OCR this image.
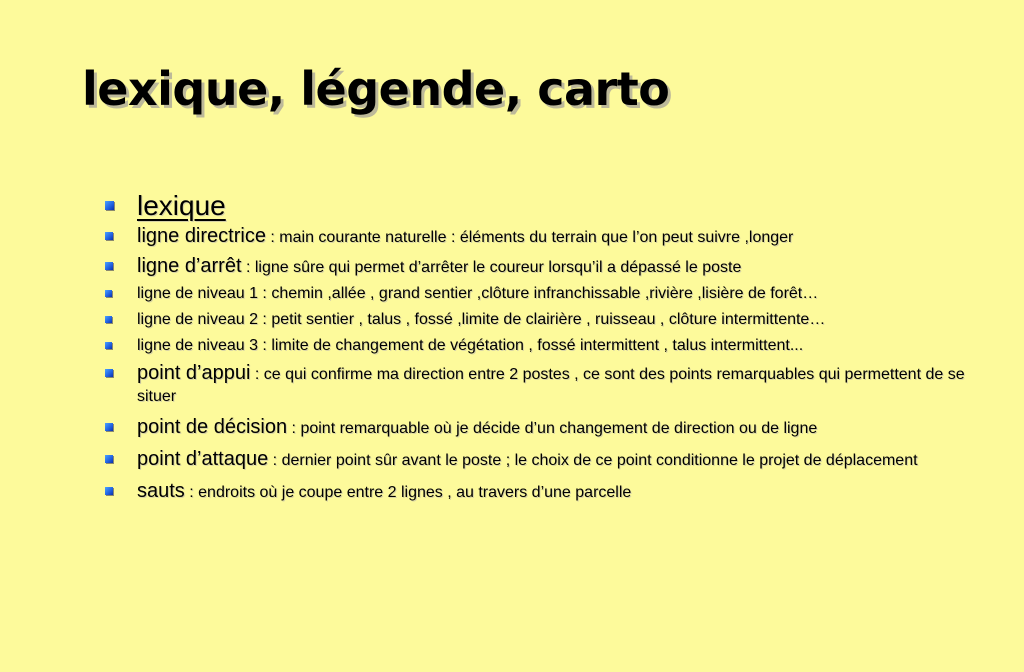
lexique, légende, carto
lexique
ligne directrice : main courante naturelle : éléments du terrain que l’on peut suivre ,longer
ligne d’arrêt : ligne sûre qui permet d’arrêter le coureur lorsqu’il a dépassé le poste
ligne de niveau 1 : chemin ,allée , grand sentier ,clôture infranchissable ,rivière ,lisière de forêt…
ligne de niveau 2 : petit sentier , talus , fossé ,limite de clairière , ruisseau , clôture intermittente…
ligne de niveau 3 : limite de changement de végétation , fossé intermittent , talus intermittent...
point d’appui : ce qui confirme ma direction entre 2 postes , ce sont des points remarquables qui permettent de se situer
point de décision : point remarquable où je décide d’un changement de direction ou de ligne
point d’attaque : dernier point sûr avant le poste ; le choix de ce point conditionne le projet de déplacement
sauts : endroits où je coupe entre 2 lignes , au travers d’une parcelle
